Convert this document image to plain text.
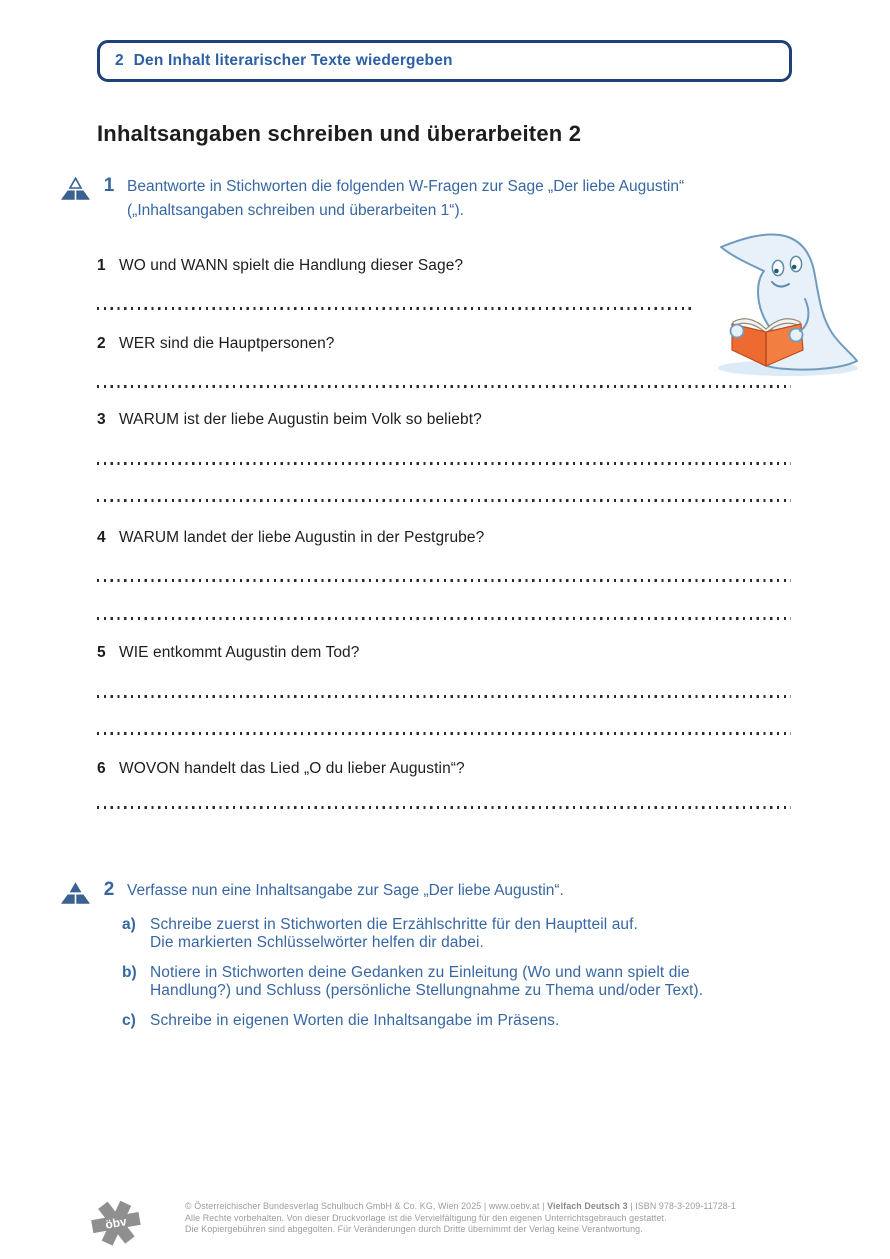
2 Den Inhalt literarischer Texte wiedergeben
Inhaltsangaben schreiben und überarbeiten 2
1 Beantworte in Stichworten die folgenden W-Fragen zur Sage „Der liebe Augustin“
(„Inhaltsangaben schreiben und überarbeiten 1“).
1 WO und WANN spielt die Handlung dieser Sage?
2 WER sind die Hauptpersonen?
3 WARUM ist der liebe Augustin beim Volk so beliebt?
4 WARUM landet der liebe Augustin in der Pestgrube?
5 WIE entkommt Augustin dem Tod?
6 WOVON handelt das Lied „O du lieber Augustin“?
2 Verfasse nun eine Inhaltsangabe zur Sage „Der liebe Augustin“.
a) Schreibe zuerst in Stichworten die Erzählschritte für den Hauptteil auf.
Die markierten Schlüsselwörter helfen dir dabei.
b) Notiere in Stichworten deine Gedanken zu Einleitung (Wo und wann spielt die
Handlung?) und Schluss (persönliche Stellungnahme zu Thema und/oder Text).
c) Schreibe in eigenen Worten die Inhaltsangabe im Präsens.
öbv
© Österreichischer Bundesverlag Schulbuch GmbH & Co. KG, Wien 2025 | www.oebv.at | Vielfach Deutsch 3 | ISBN 978-3-209-11728-1
Alle Rechte vorbehalten. Von dieser Druckvorlage ist die Vervielfältigung für den eigenen Unterrichtsgebrauch gestattet.
Die Kopiergebühren sind abgegolten. Für Veränderungen durch Dritte übernimmt der Verlag keine Verantwortung.
